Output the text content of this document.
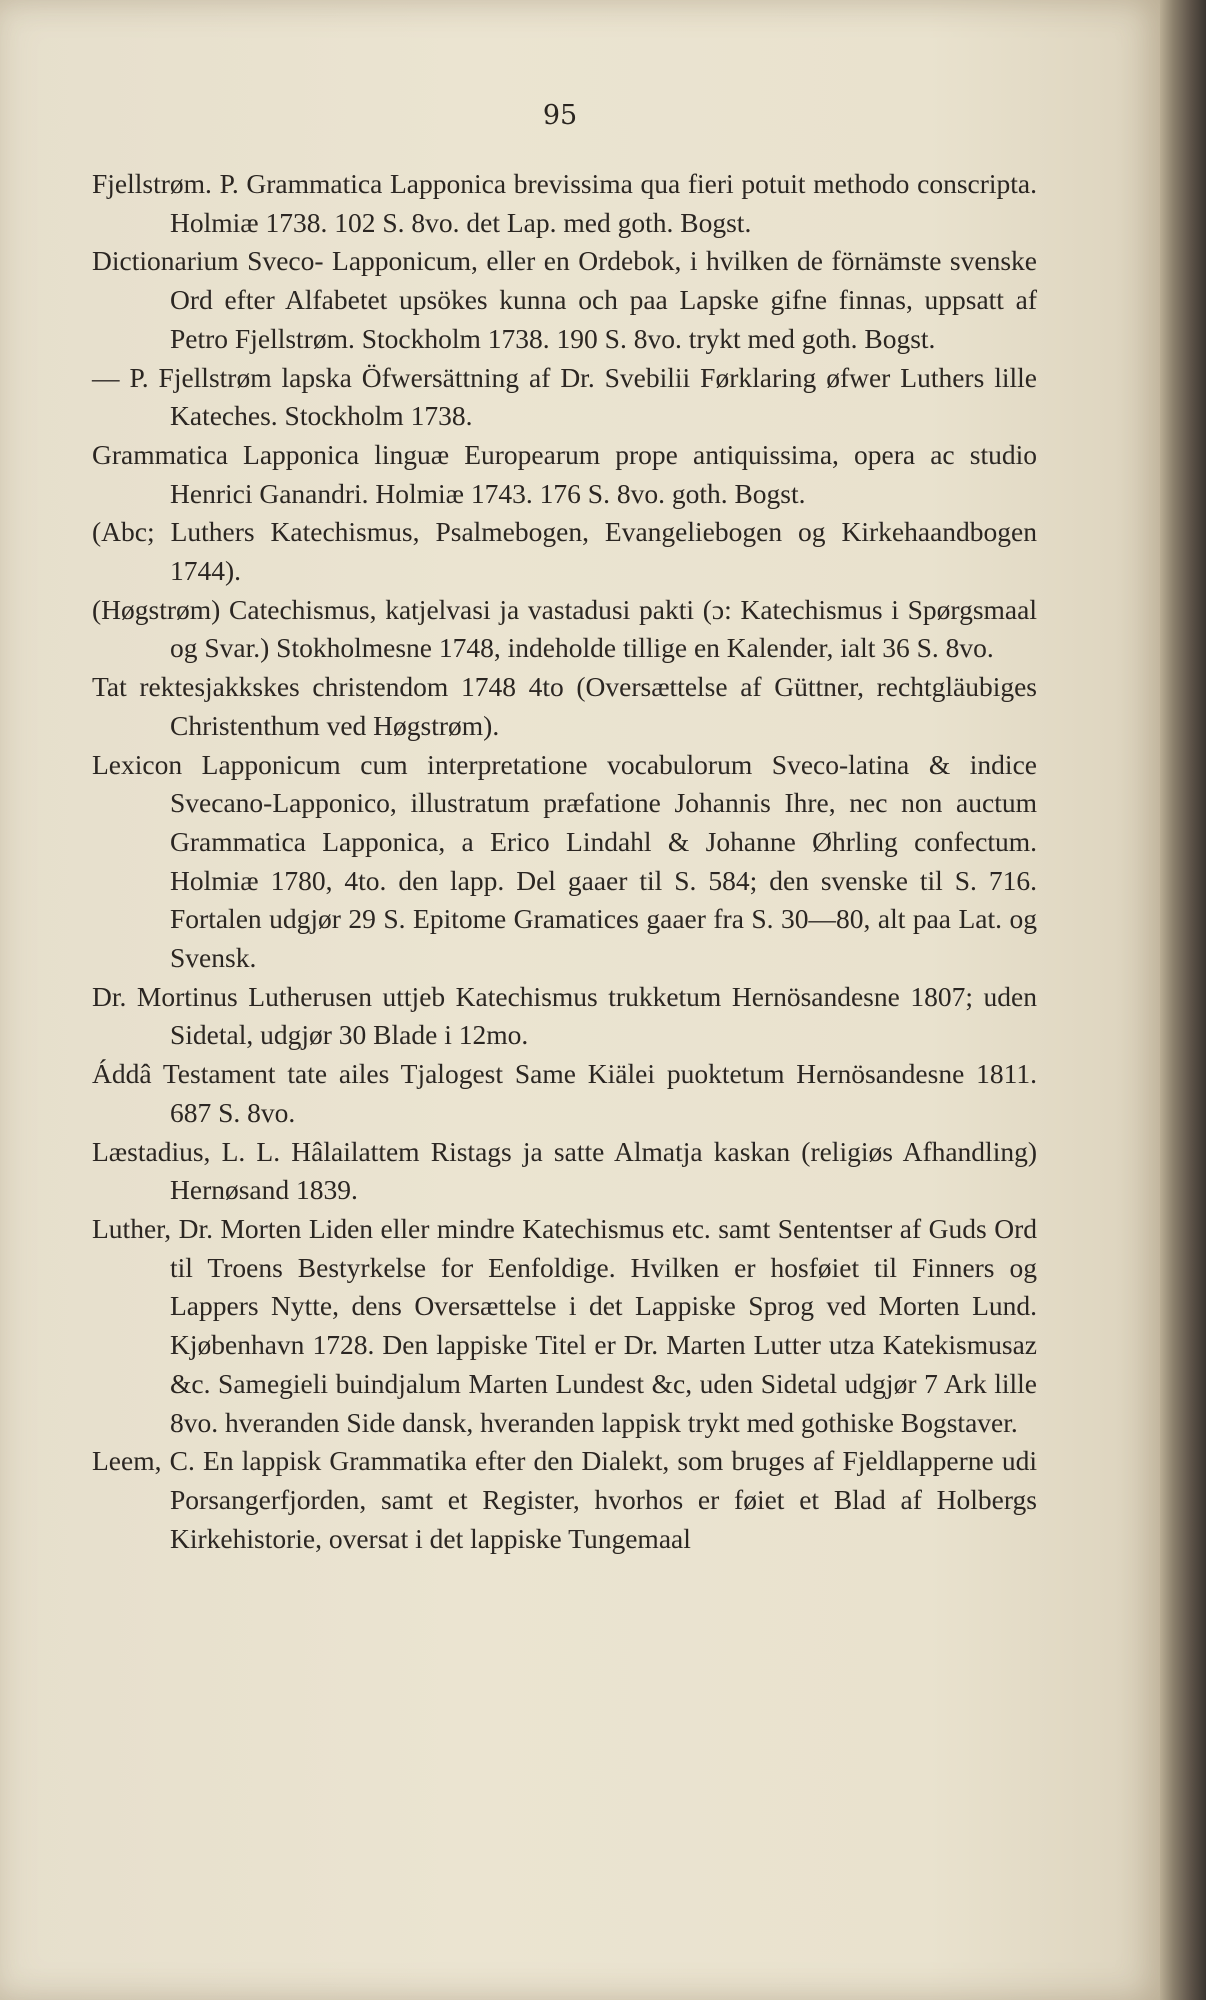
95

Fjellstrøm. P. Grammatica Lapponica brevissima qua fieri potuit methodo conscripta. Holmiæ 1738. 102 S. 8vo. det Lap. med goth. Bogst.

Dictionarium Sveco- Lapponicum, eller en Ordebok, i hvilken de förnämste svenske Ord efter Alfabetet upsökes kunna och paa Lapske gifne finnas, uppsatt af Petro Fjellstrøm. Stockholm 1738. 190 S. 8vo. trykt med goth. Bogst.

— P. Fjellstrøm lapska Öfwersättning af Dr. Svebilii Førklaring øfwer Luthers lille Kateches. Stockholm 1738.

Grammatica Lapponica linguæ Europearum prope antiquissima, opera ac studio Henrici Ganandri. Holmiæ 1743. 176 S. 8vo. goth. Bogst.

(Abc; Luthers Katechismus, Psalmebogen, Evangeliebogen og Kirkehaandbogen 1744).

(Høgstrøm) Catechismus, katjelvasi ja vastadusi pakti (ɔ: Katechismus i Spørgsmaal og Svar.) Stokholmesne 1748, indeholde tillige en Kalender, ialt 36 S. 8vo.

Tat rektesjakkskes christendom 1748 4to (Oversættelse af Güttner, rechtgläubiges Christenthum ved Høgstrøm).

Lexicon Lapponicum cum interpretatione vocabulorum Sveco-latina & indice Svecano-Lapponico, illustratum præfatione Johannis Ihre, nec non auctum Grammatica Lapponica, a Erico Lindahl & Johanne Øhrling confectum. Holmiæ 1780, 4to. den lapp. Del gaaer til S. 584; den svenske til S. 716. Fortalen udgjør 29 S. Epitome Gramatices gaaer fra S. 30—80, alt paa Lat. og Svensk.

Dr. Mortinus Lutherusen uttjeb Katechismus trukketum Hernösandesne 1807; uden Sidetal, udgjør 30 Blade i 12mo.

Áddâ Testament tate ailes Tjalogest Same Kiälei puoktetum Hernösandesne 1811. 687 S. 8vo.

Læstadius, L. L. Hâlailattem Ristags ja satte Almatja kaskan (religiøs Afhandling) Hernøsand 1839.

Luther, Dr. Morten Liden eller mindre Katechismus etc. samt Sententser af Guds Ord til Troens Bestyrkelse for Eenfoldige. Hvilken er hosføiet til Finners og Lappers Nytte, dens Oversættelse i det Lappiske Sprog ved Morten Lund. Kjøbenhavn 1728. Den lappiske Titel er Dr. Marten Lutter utza Katekismusaz &c. Samegieli buindjalum Marten Lundest &c, uden Sidetal udgjør 7 Ark lille 8vo. hveranden Side dansk, hveranden lappisk trykt med gothiske Bogstaver.

Leem, C. En lappisk Grammatika efter den Dialekt, som bruges af Fjeldlapperne udi Porsangerfjorden, samt et Register, hvorhos er føiet et Blad af Holbergs Kirkehistorie, oversat i det lappiske Tungemaal
